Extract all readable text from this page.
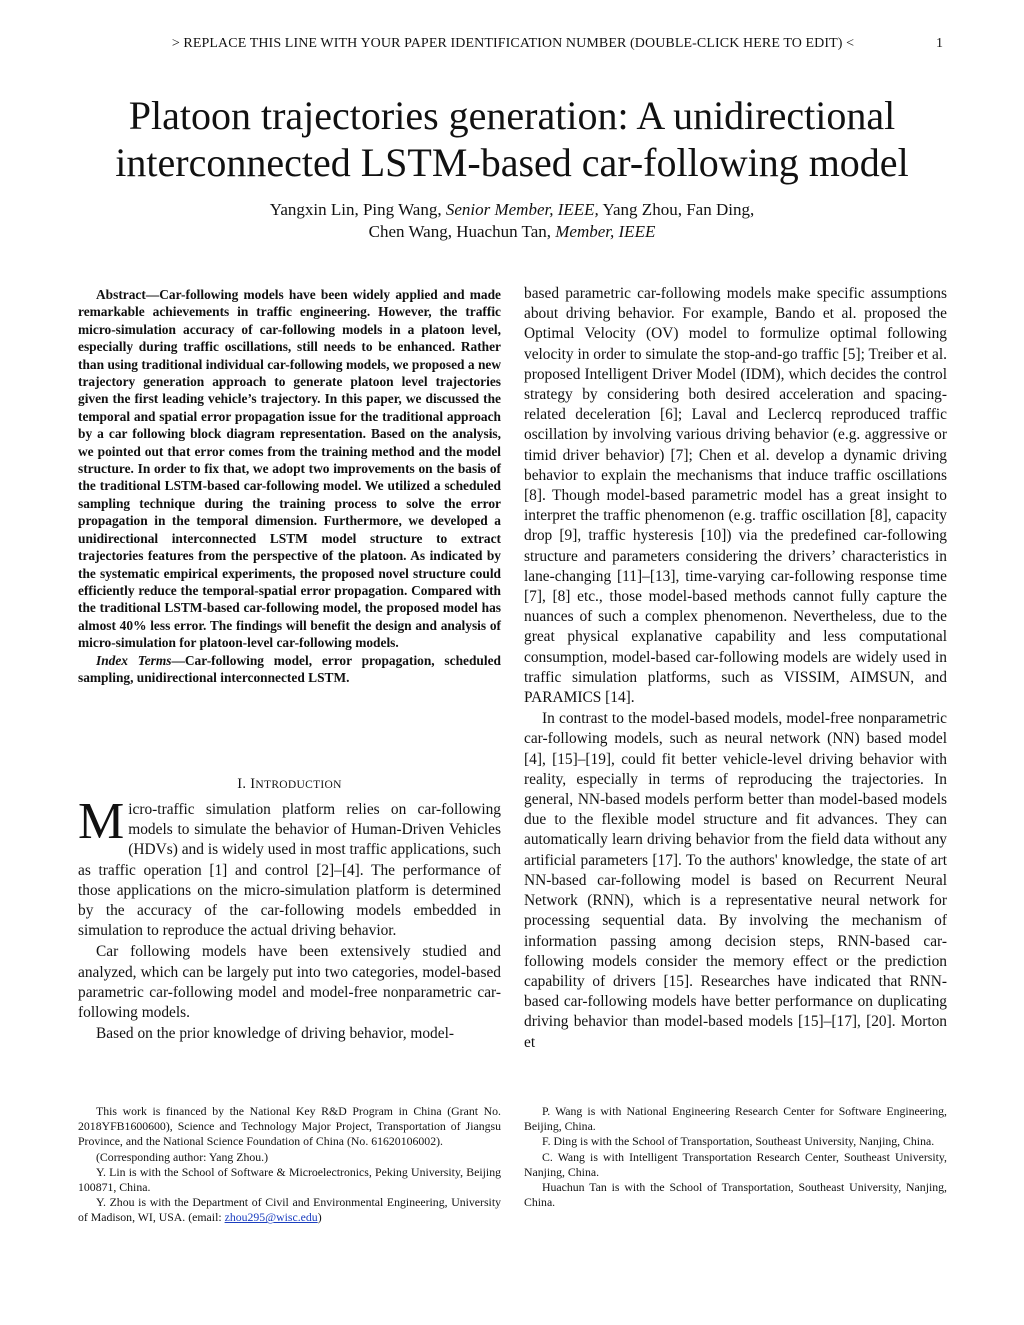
> REPLACE THIS LINE WITH YOUR PAPER IDENTIFICATION NUMBER (DOUBLE-CLICK HERE TO EDIT) <	1
Platoon trajectories generation: A unidirectional
interconnected LSTM-based car-following model
Yangxin Lin, Ping Wang, Senior Member, IEEE, Yang Zhou, Fan Ding,
Chen Wang, Huachun Tan, Member, IEEE

Abstract—Car-following models have been widely applied and made remarkable achievements in traffic engineering. However, the traffic micro-simulation accuracy of car-following models in a platoon level, especially during traffic oscillations, still needs to be enhanced. Rather than using traditional individual car-following models, we proposed a new trajectory generation approach to generate platoon level trajectories given the first leading vehicle’s trajectory. In this paper, we discussed the temporal and spatial error propagation issue for the traditional approach by a car following block diagram representation. Based on the analysis, we pointed out that error comes from the training method and the model structure. In order to fix that, we adopt two improvements on the basis of the traditional LSTM-based car-following model. We utilized a scheduled sampling technique during the training process to solve the error propagation in the temporal dimension. Furthermore, we developed a unidirectional interconnected LSTM model structure to extract trajectories features from the perspective of the platoon. As indicated by the systematic empirical experiments, the proposed novel structure could efficiently reduce the temporal-spatial error propagation. Compared with the traditional LSTM-based car-following model, the proposed model has almost 40% less error. The findings will benefit the design and analysis of micro-simulation for platoon-level car-following models.

Index Terms—Car-following model, error propagation, scheduled sampling, unidirectional interconnected LSTM.

I. INTRODUCTION

Micro-traffic simulation platform relies on car-following models to simulate the behavior of Human-Driven Vehicles (HDVs) and is widely used in most traffic applications, such as traffic operation [1] and control [2]–[4]. The performance of those applications on the micro-simulation platform is determined by the accuracy of the car-following models embedded in simulation to reproduce the actual driving behavior.

Car following models have been extensively studied and analyzed, which can be largely put into two categories, model-based parametric car-following model and model-free nonparametric car-following models.

Based on the prior knowledge of driving behavior, model-

based parametric car-following models make specific assumptions about driving behavior. For example, Bando et al. proposed the Optimal Velocity (OV) model to formulize optimal following velocity in order to simulate the stop-and-go traffic [5]; Treiber et al. proposed Intelligent Driver Model (IDM), which decides the control strategy by considering both desired acceleration and spacing-related deceleration [6]; Laval and Leclercq reproduced traffic oscillation by involving various driving behavior (e.g. aggressive or timid driver behavior) [7]; Chen et al. develop a dynamic driving behavior to explain the mechanisms that induce traffic oscillations [8]. Though model-based parametric model has a great insight to interpret the traffic phenomenon (e.g. traffic oscillation [8], capacity drop [9], traffic hysteresis [10]) via the predefined car-following structure and parameters considering the drivers’ characteristics in lane-changing [11]–[13], time-varying car-following response time [7], [8] etc., those model-based methods cannot fully capture the nuances of such a complex phenomenon. Nevertheless, due to the great physical explanative capability and less computational consumption, model-based car-following models are widely used in traffic simulation platforms, such as VISSIM, AIMSUN, and PARAMICS [14].

In contrast to the model-based models, model-free nonparametric car-following models, such as neural network (NN) based model [4], [15]–[19], could fit better vehicle-level driving behavior with reality, especially in terms of reproducing the trajectories. In general, NN-based models perform better than model-based models due to the flexible model structure and fit advances. They can automatically learn driving behavior from the field data without any artificial parameters [17]. To the authors' knowledge, the state of art NN-based car-following model is based on Recurrent Neural Network (RNN), which is a representative neural network for processing sequential data. By involving the mechanism of information passing among decision steps, RNN-based car-following models consider the memory effect or the prediction capability of drivers [15]. Researches have indicated that RNN-based car-following models have better performance on duplicating driving behavior than model-based models [15]–[17], [20]. Morton et

This work is financed by the National Key R&D Program in China (Grant No. 2018YFB1600600), Science and Technology Major Project, Transportation of Jiangsu Province, and the National Science Foundation of China (No. 61620106002).

(Corresponding author: Yang Zhou.)

Y. Lin is with the School of Software & Microelectronics, Peking University, Beijing 100871, China.

Y. Zhou is with the Department of Civil and Environmental Engineering, University of Madison, WI, USA. (email: zhou295@wisc.edu)

P. Wang is with National Engineering Research Center for Software Engineering, Beijing, China.

F. Ding is with the School of Transportation, Southeast University, Nanjing, China.

C. Wang is with Intelligent Transportation Research Center, Southeast University, Nanjing, China.

Huachun Tan is with the School of Transportation, Southeast University, Nanjing, China.
